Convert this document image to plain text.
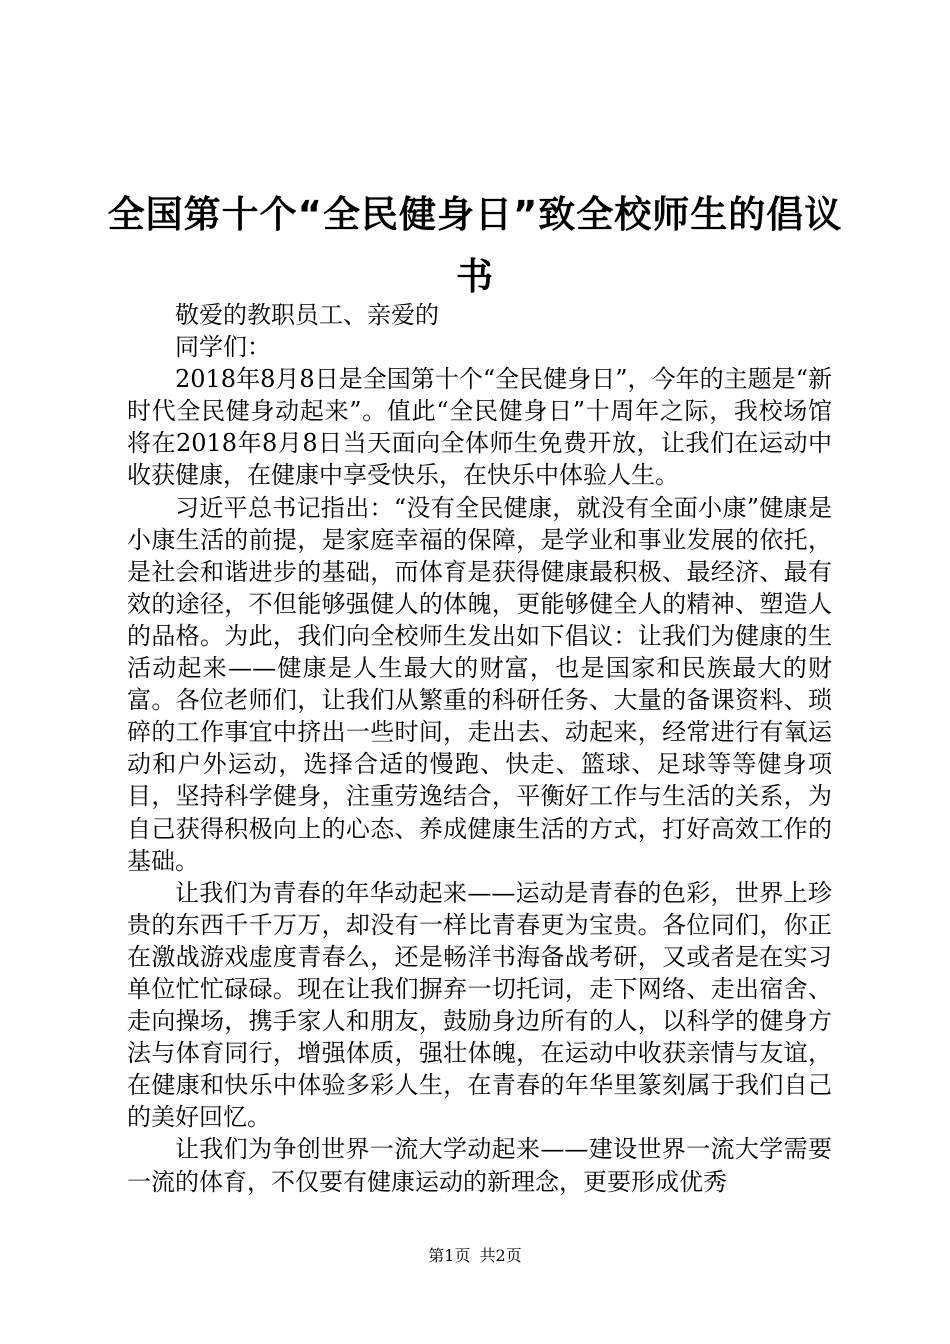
全国第十个“全民健身日”致全校师生的倡议书

敬爱的教职员工、亲爱的

同学们：

2018年8月8日是全国第十个“全民健身日”，今年的主题是“新时代全民健身动起来”。值此“全民健身日”十周年之际，我校场馆将在2018年8月8日当天面向全体师生免费开放，让我们在运动中收获健康，在健康中享受快乐，在快乐中体验人生。

习近平总书记指出：“没有全民健康，就没有全面小康”健康是小康生活的前提，是家庭幸福的保障，是学业和事业发展的依托，是社会和谐进步的基础，而体育是获得健康最积极、最经济、最有效的途径，不但能够强健人的体魄，更能够健全人的精神、塑造人的品格。为此，我们向全校师生发出如下倡议：让我们为健康的生活动起来——健康是人生最大的财富，也是国家和民族最大的财富。各位老师们，让我们从繁重的科研任务、大量的备课资料、琐碎的工作事宜中挤出一些时间，走出去、动起来，经常进行有氧运动和户外运动，选择合适的慢跑、快走、篮球、足球等等健身项目，坚持科学健身，注重劳逸结合，平衡好工作与生活的关系，为自己获得积极向上的心态、养成健康生活的方式，打好高效工作的基础。

让我们为青春的年华动起来——运动是青春的色彩，世界上珍贵的东西千千万万，却没有一样比青春更为宝贵。各位同们，你正在激战游戏虚度青春么，还是畅洋书海备战考研，又或者是在实习单位忙忙碌碌。现在让我们摒弃一切托词，走下网络、走出宿舍、走向操场，携手家人和朋友，鼓励身边所有的人，以科学的健身方法与体育同行，增强体质，强壮体魄，在运动中收获亲情与友谊，在健康和快乐中体验多彩人生，在青春的年华里篆刻属于我们自己的美好回忆。

让我们为争创世界一流大学动起来——建设世界一流大学需要一流的体育，不仅要有健康运动的新理念，更要形成优秀

第1页 共2页
